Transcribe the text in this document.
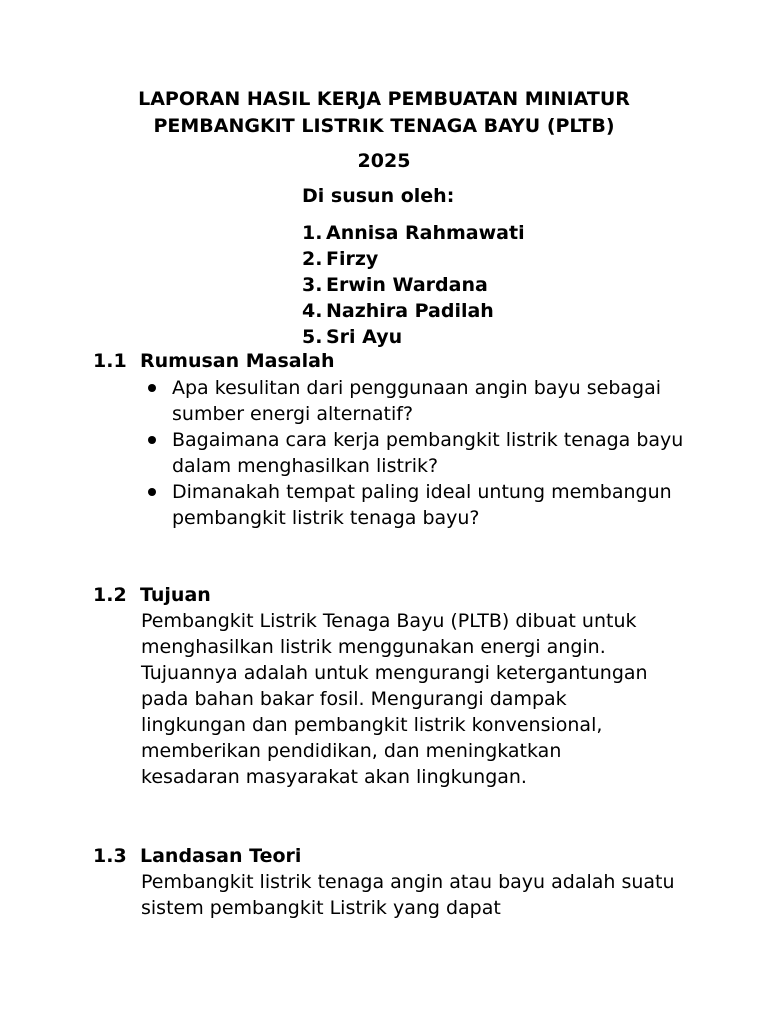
LAPORAN HASIL KERJA PEMBUATAN MINIATUR
PEMBANGKIT LISTRIK TENAGA BAYU (PLTB)
2025
Di susun oleh:
1. Annisa Rahmawati
2. Firzy
3. Erwin Wardana
4. Nazhira Padilah
5. Sri Ayu
1.1 Rumusan Masalah
Apa kesulitan dari penggunaan angin bayu sebagai sumber energi alternatif?
Bagaimana cara kerja pembangkit listrik tenaga bayu dalam menghasilkan listrik?
Dimanakah tempat paling ideal untung membangun pembangkit listrik tenaga bayu?
1.2 Tujuan

Pembangkit Listrik Tenaga Bayu (PLTB) dibuat untuk menghasilkan listrik menggunakan energi angin. Tujuannya adalah untuk mengurangi ketergantungan pada bahan bakar fosil. Mengurangi dampak lingkungan dan pembangkit listrik konvensional, memberikan pendidikan, dan meningkatkan kesadaran masyarakat akan lingkungan.

1.3 Landasan Teori

Pembangkit listrik tenaga angin atau bayu adalah suatu sistem pembangkit Listrik yang dapat
